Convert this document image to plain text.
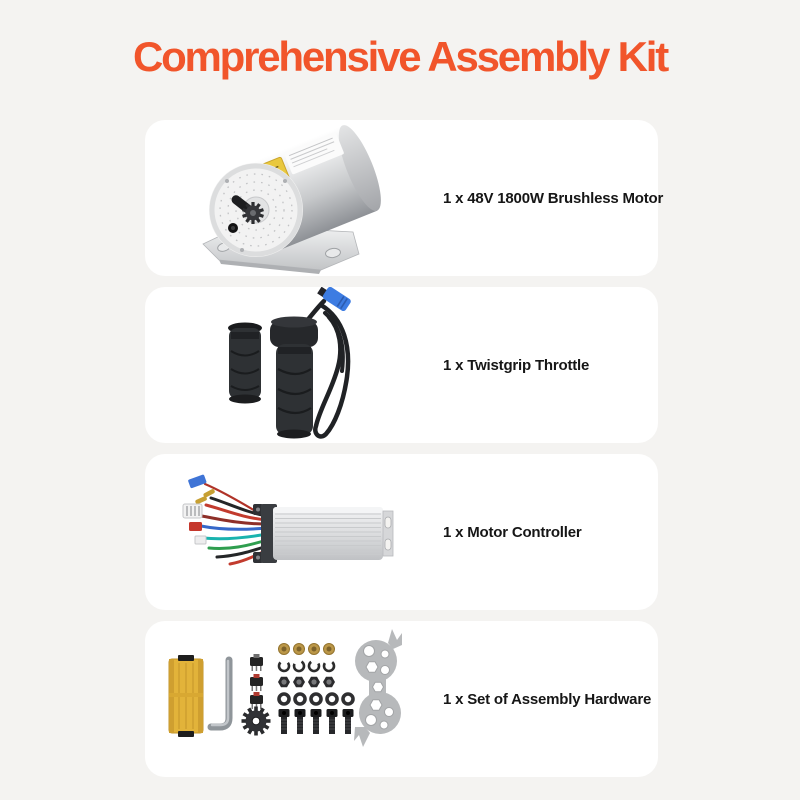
Comprehensive Assembly Kit
1 x 48V 1800W Brushless Motor
1 x Twistgrip Throttle
1 x Motor Controller
1 x Set of Assembly Hardware
